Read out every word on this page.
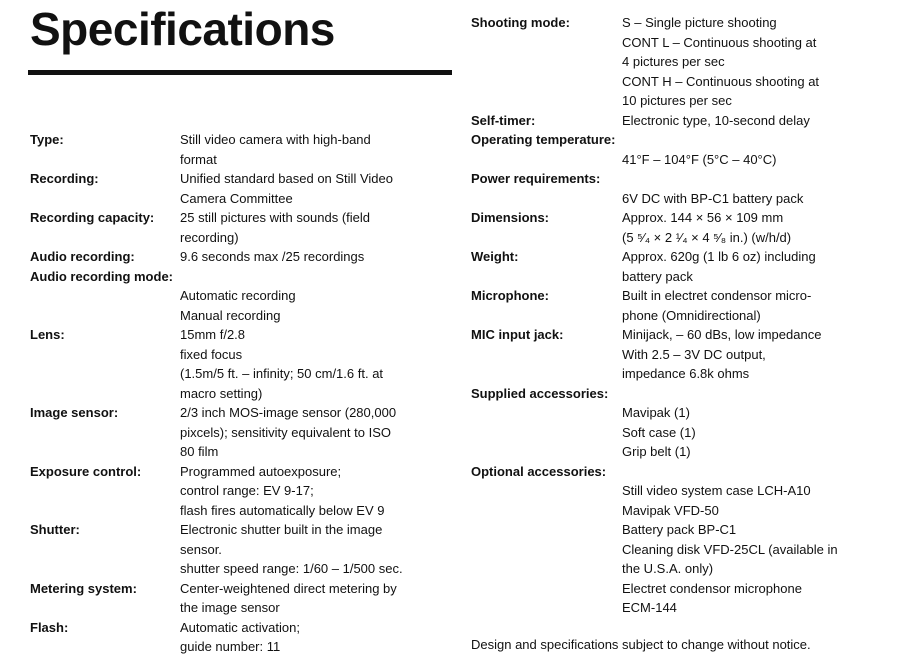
Specifications
Type:	Still video camera with high-band
format
Recording:	Unified standard based on Still Video
Camera Committee
Recording capacity: 25 still pictures with sounds (field
recording)
Audio recording:	9.6 seconds max /25 recordings
Audio recording mode:
Automatic recording
Manual recording
Lens:	15mm f/2.8
fixed focus
(1.5m/5 ft. – infinity; 50 cm/1.6 ft. at
macro setting)
Image sensor:	2/3 inch MOS-image sensor (280,000
pixcels); sensitivity equivalent to ISO
80 film
Exposure control:	Programmed autoexposure;
control range: EV 9-17;
flash fires automatically below EV 9
Shutter:	Electronic shutter built in the image
sensor.
shutter speed range: 1/60 – 1/500 sec.
Metering system:	Center-weightened direct metering by
the image sensor
Flash:	Automatic activation;
guide number: 11
Shooting mode:	S – Single picture shooting
CONT L – Continuous shooting at
4 pictures per sec
CONT H – Continuous shooting at
10 pictures per sec
Self-timer:	Electronic type, 10-second delay
Operating temperature:
41°F – 104°F (5°C – 40°C)
Power requirements:
6V DC with BP-C1 battery pack
Dimensions:	Approx. 144 × 56 × 109 mm
(5 ⁵⁄₄ × 2 ¹⁄₄ × 4 ⁵⁄₈ in.) (w/h/d)
Weight:	Approx. 620g (1 lb 6 oz) including
battery pack
Microphone:	Built in electret condensor micro-
phone (Omnidirectional)
MIC input jack:	Minijack, – 60 dBs, low impedance
With 2.5 – 3V DC output,
impedance 6.8k ohms
Supplied accessories:
Mavipak (1)
Soft case (1)
Grip belt (1)
Optional accessories:
Still video system case LCH-A10
Mavipak VFD-50
Battery pack BP-C1
Cleaning disk VFD-25CL (available in
the U.S.A. only)
Electret condensor microphone
ECM-144
Design and specifications subject to change without notice.
